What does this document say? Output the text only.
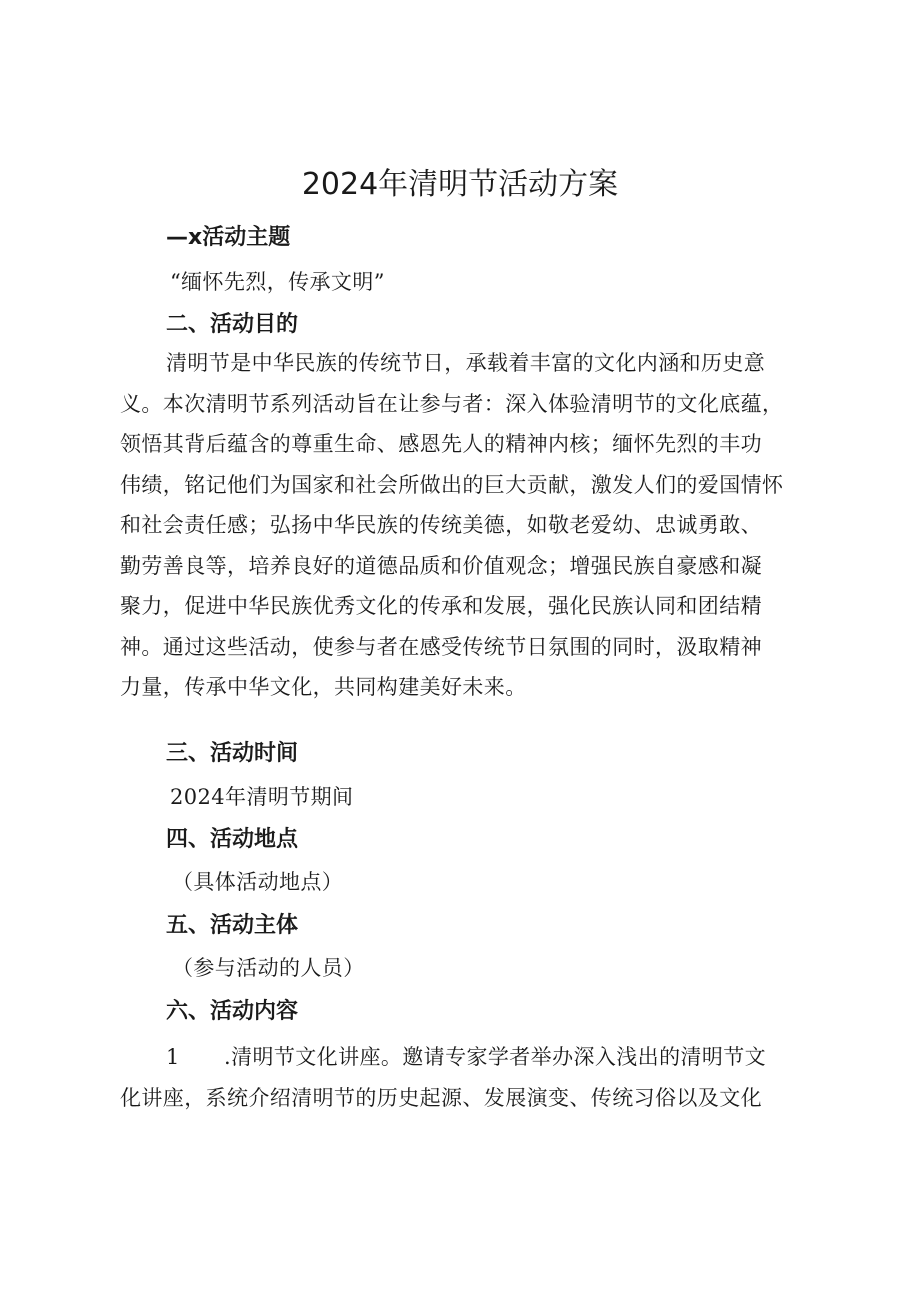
2024年清明节活动方案
—x活动主题
“缅怀先烈，传承文明”
二、活动目的
清明节是中华民族的传统节日，承载着丰富的文化内涵和历史意
义。本次清明节系列活动旨在让参与者：深入体验清明节的文化底蕴，
领悟其背后蕴含的尊重生命、感恩先人的精神内核；缅怀先烈的丰功
伟绩，铭记他们为国家和社会所做出的巨大贡献，激发人们的爱国情怀
和社会责任感；弘扬中华民族的传统美德，如敬老爱幼、忠诚勇敢、
勤劳善良等，培养良好的道德品质和价值观念；增强民族自豪感和凝
聚力，促进中华民族优秀文化的传承和发展，强化民族认同和团结精
神。通过这些活动，使参与者在感受传统节日氛围的同时，汲取精神
力量，传承中华文化，共同构建美好未来。
三、活动时间
2024年清明节期间
四、活动地点
（具体活动地点）
五、活动主体
（参与活动的人员）
六、活动内容
1 .清明节文化讲座。邀请专家学者举办深入浅出的清明节文
化讲座，系统介绍清明节的历史起源、发展演变、传统习俗以及文化
